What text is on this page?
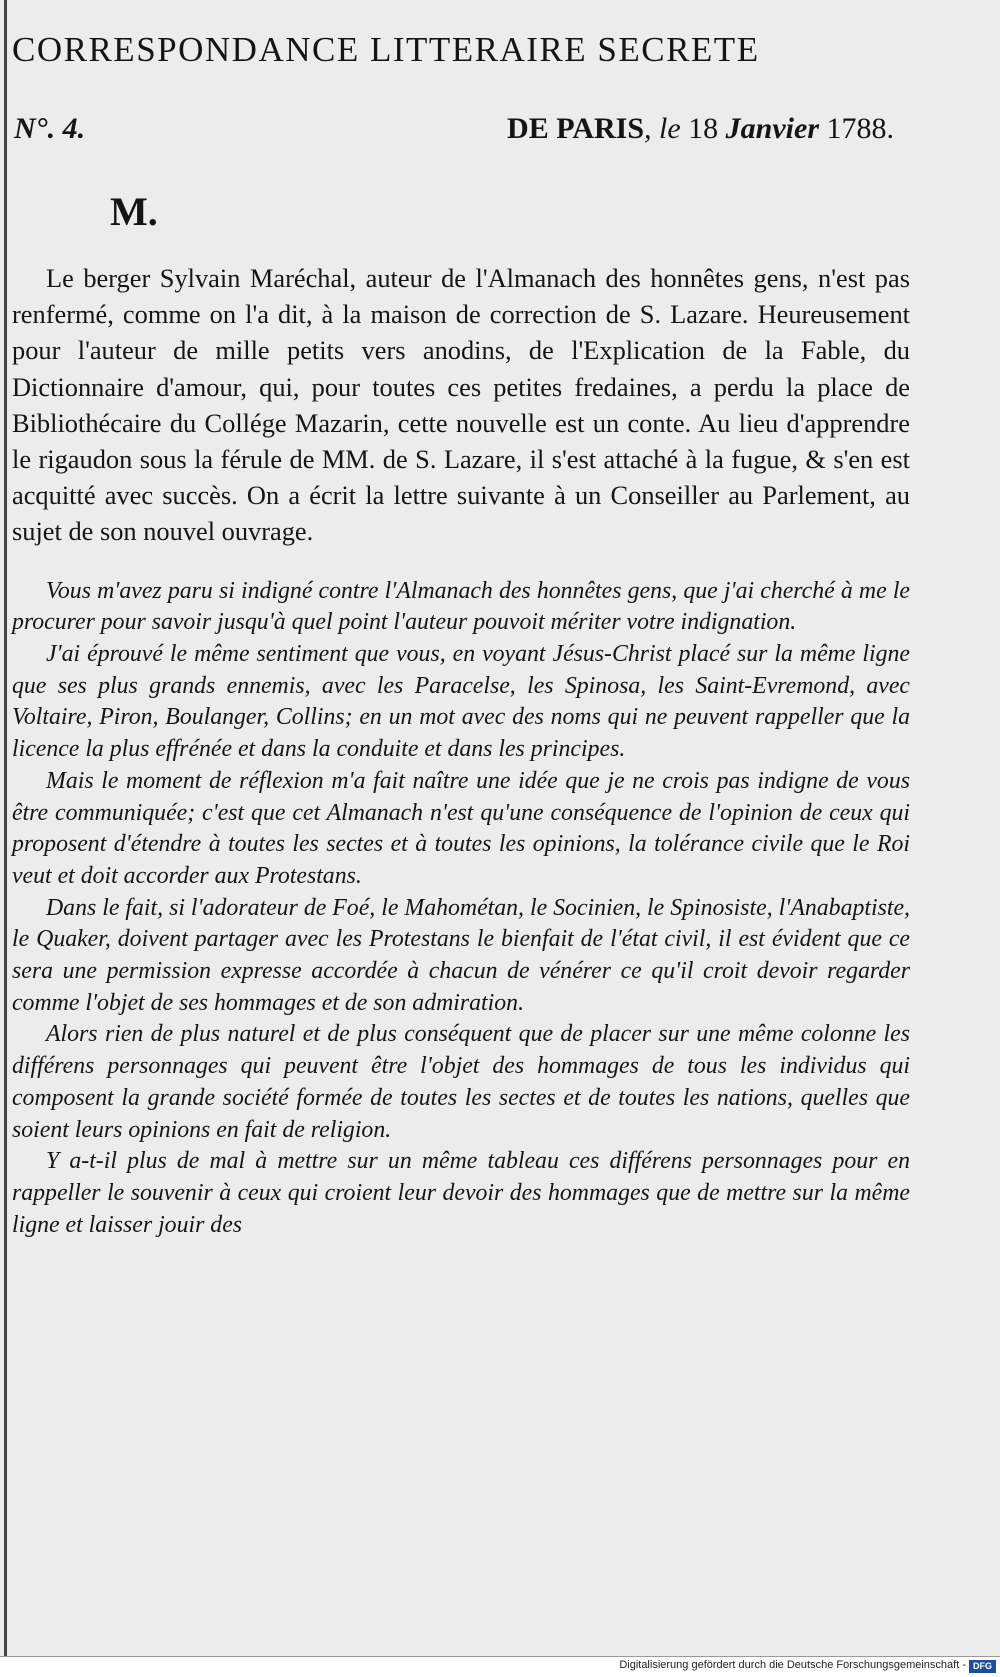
CORRESPONDANCE LITTERAIRE SECRETE
N°. 4.	DE PARIS, le 18 Janvier 1788.
M.

Le berger Sylvain Maréchal, auteur de l'Almanach des honnêtes gens, n'est pas renfermé, comme on l'a dit, à la maison de correction de S. Lazare. Heureusement pour l'auteur de mille petits vers anodins, de l'Explication de la Fable, du Dictionnaire d'amour, qui, pour toutes ces petites fredaines, a perdu la place de Bibliothécaire du Collége Mazarin, cette nouvelle est un conte. Au lieu d'apprendre le rigaudon sous la férule de MM. de S. Lazare, il s'est attaché à la fugue, & s'en est acquitté avec succès. On a écrit la lettre suivante à un Conseiller au Parlement, au sujet de son nouvel ouvrage.

Vous m'avez paru si indigné contre l'Almanach des honnêtes gens, que j'ai cherché à me le procurer pour savoir jusqu'à quel point l'auteur pouvoit mériter votre indignation.

J'ai éprouvé le même sentiment que vous, en voyant Jésus-Christ placé sur la même ligne que ses plus grands ennemis, avec les Paracelse, les Spinosa, les Saint-Evremond, avec Voltaire, Piron, Boulanger, Collins; en un mot avec des noms qui ne peuvent rappeller que la licence la plus effrénée et dans la conduite et dans les principes.

Mais le moment de réflexion m'a fait naître une idée que je ne crois pas indigne de vous être communiquée; c'est que cet Almanach n'est qu'une conséquence de l'opinion de ceux qui proposent d'étendre à toutes les sectes et à toutes les opinions, la tolérance civile que le Roi veut et doit accorder aux Protestans.

Dans le fait, si l'adorateur de Foé, le Mahométan, le Socinien, le Spinosiste, l'Anabaptiste, le Quaker, doivent partager avec les Protestans le bienfait de l'état civil, il est évident que ce sera une permission expresse accordée à chacun de vénérer ce qu'il croit devoir regarder comme l'objet de ses hommages et de son admiration.

Alors rien de plus naturel et de plus conséquent que de placer sur une même colonne les différens personnages qui peuvent être l'objet des hommages de tous les individus qui composent la grande société formée de toutes les sectes et de toutes les nations, quelles que soient leurs opinions en fait de religion.

Y a-t-il plus de mal à mettre sur un même tableau ces différens personnages pour en rappeller le souvenir à ceux qui croient leur devoir des hommages que de mettre sur la même ligne et laisser jouir des

Digitalisierung gefördert durch die Deutsche Forschungsgemeinschaft - DFG
